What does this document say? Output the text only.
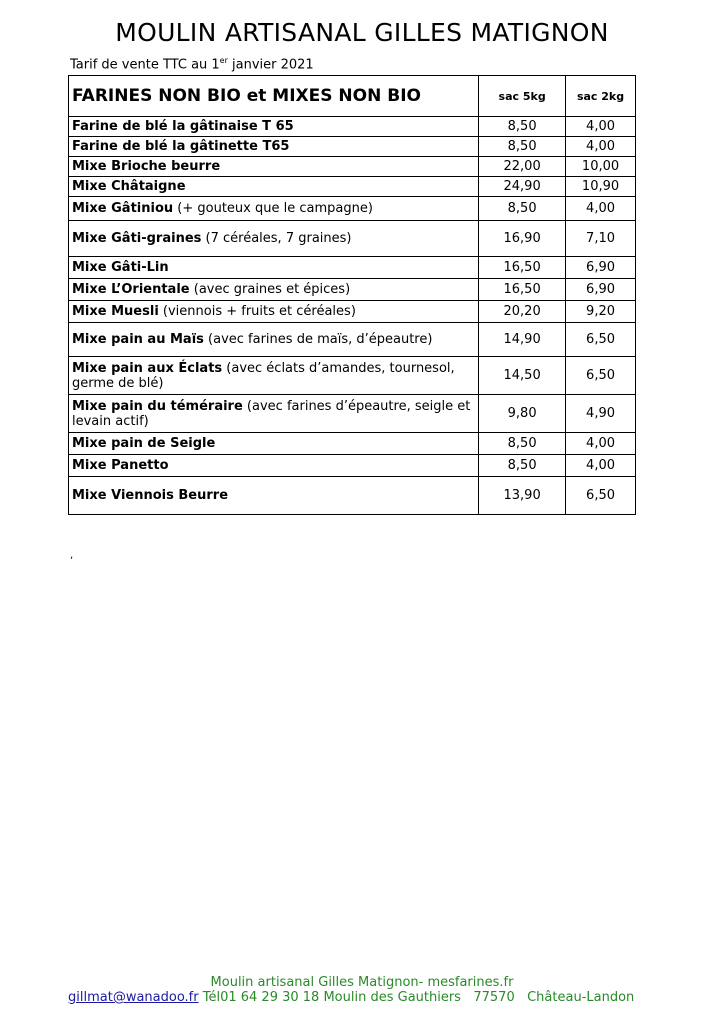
MOULIN ARTISANAL GILLES MATIGNON
Tarif de vente TTC au 1er janvier 2021
FARINES NON BIO et MIXES NON BIO	sac 5kg	sac 2kg
Farine de blé la gâtinaise T 65	8,50	4,00
Farine de blé la gâtinette T65	8,50	4,00
Mixe Brioche beurre	22,00	10,00
Mixe Châtaigne	24,90	10,90
Mixe Gâtiniou (+ gouteux que le campagne)	8,50	4,00
Mixe Gâti-graines (7 céréales, 7 graines)	16,90	7,10
Mixe Gâti-Lin	16,50	6,90
Mixe L’Orientale (avec graines et épices)	16,50	6,90
Mixe Muesli (viennois + fruits et céréales)	20,20	9,20
Mixe pain au Maïs (avec farines de maïs, d’épeautre)	14,90	6,50
Mixe pain aux Éclats (avec éclats d’amandes, tournesol, germe de blé)	14,50	6,50
Mixe pain du téméraire (avec farines d’épeautre, seigle et levain actif)	9,80	4,90
Mixe pain de Seigle	8,50	4,00
Mixe Panetto	8,50	4,00
Mixe Viennois Beurre	13,90	6,50
,
Moulin artisanal Gilles Matignon- mesfarines.fr
gillmat@wanadoo.fr Tél01 64 29 30 18 Moulin des Gauthiers   77570   Château-Landon
